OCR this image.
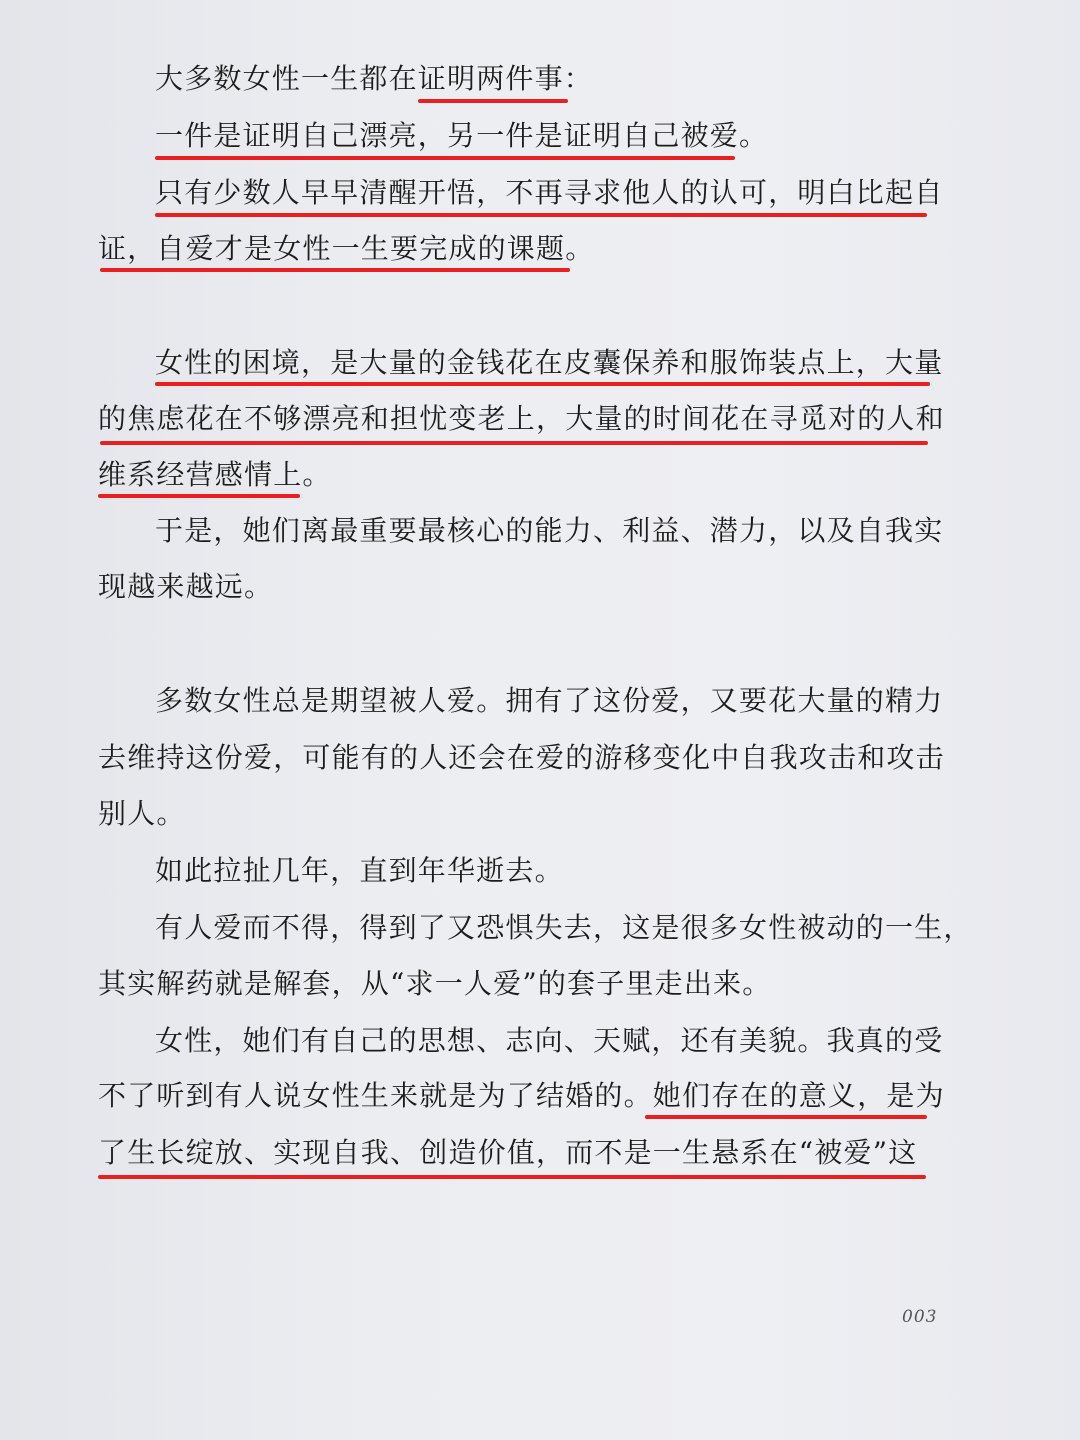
大多数女性一生都在证明两件事：
一件是证明自己漂亮，另一件是证明自己被爱。
只有少数人早早清醒开悟，不再寻求他人的认可，明白比起自
证，自爱才是女性一生要完成的课题。
女性的困境，是大量的金钱花在皮囊保养和服饰装点上，大量
的焦虑花在不够漂亮和担忧变老上，大量的时间花在寻觅对的人和
维系经营感情上。
于是，她们离最重要最核心的能力、利益、潜力，以及自我实
现越来越远。
多数女性总是期望被人爱。拥有了这份爱，又要花大量的精力
去维持这份爱，可能有的人还会在爱的游移变化中自我攻击和攻击
别人。
如此拉扯几年，直到年华逝去。
有人爱而不得，得到了又恐惧失去，这是很多女性被动的一生，
其实解药就是解套，从“求一人爱”的套子里走出来。
女性，她们有自己的思想、志向、天赋，还有美貌。我真的受
不了听到有人说女性生来就是为了结婚的。她们存在的意义，是为
了生长绽放、实现自我、创造价值，而不是一生悬系在“被爱”这
003
